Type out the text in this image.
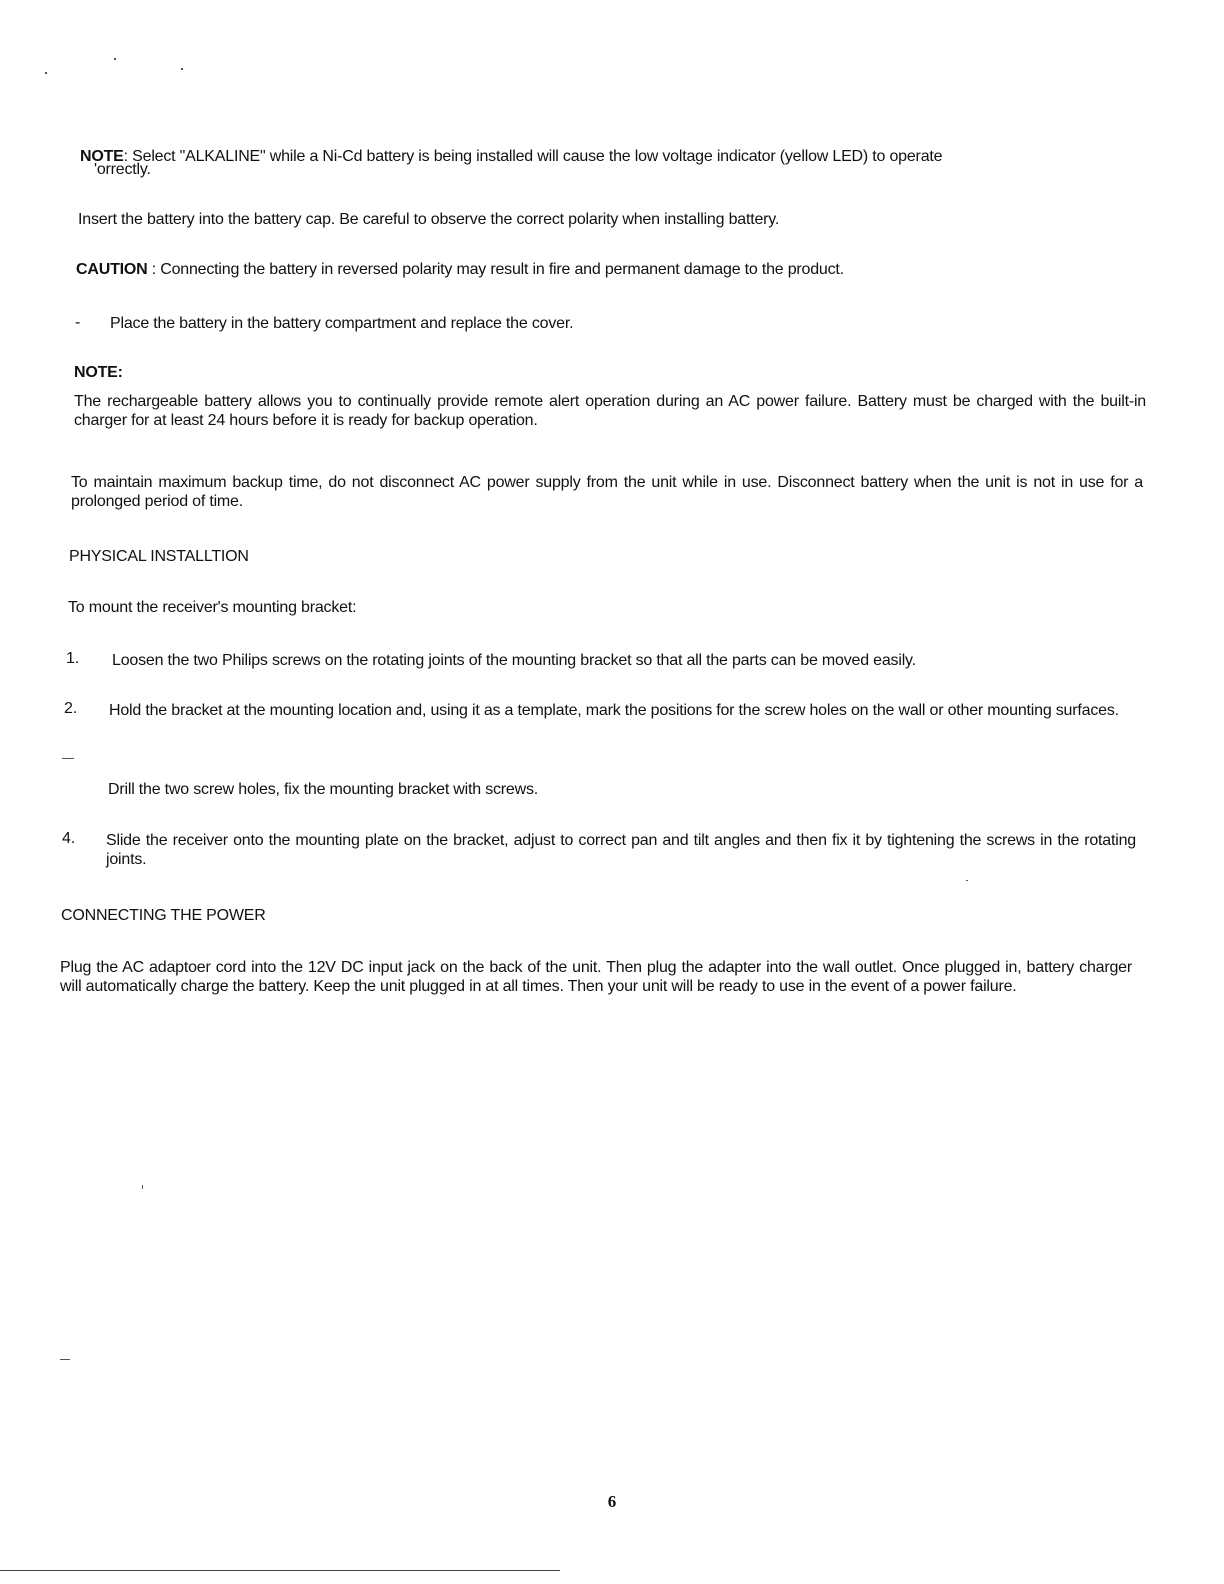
NOTE: Select "ALKALINE" while a Ni-Cd battery is being installed will cause the low voltage indicator (yellow LED) to operate
'orrectly.
Insert the battery into the battery cap. Be careful to observe the correct polarity when installing battery.
CAUTION : Connecting the battery in reversed polarity may result in fire and permanent damage to the product.
-	Place the battery in the battery compartment and replace the cover.
NOTE:
The rechargeable battery allows you to continually provide remote alert operation during an AC power failure. Battery must be charged with the built-in charger for at least 24 hours before it is ready for backup operation.
To maintain maximum backup time, do not disconnect AC power supply from the unit while in use. Disconnect battery when the unit is not in use for a prolonged period of time.
PHYSICAL INSTALLTION
To mount the receiver's mounting bracket:
1.	Loosen the two Philips screws on the rotating joints of the mounting bracket so that all the parts can be moved easily.
2.	Hold the bracket at the mounting location and, using it as a template, mark the positions for the screw holes on the wall or other mounting surfaces.
Drill the two screw holes, fix the mounting bracket with screws.
4.	Slide the receiver onto the mounting plate on the bracket, adjust to correct pan and tilt angles and then fix it by tightening the screws in the rotating joints.
CONNECTING THE POWER
Plug the AC adaptoer cord into the 12V DC input jack on the back of the unit. Then plug the adapter into the wall outlet. Once plugged in, battery charger will automatically charge the battery. Keep the unit plugged in at all times. Then your unit will be ready to use in the event of a power failure.
6
